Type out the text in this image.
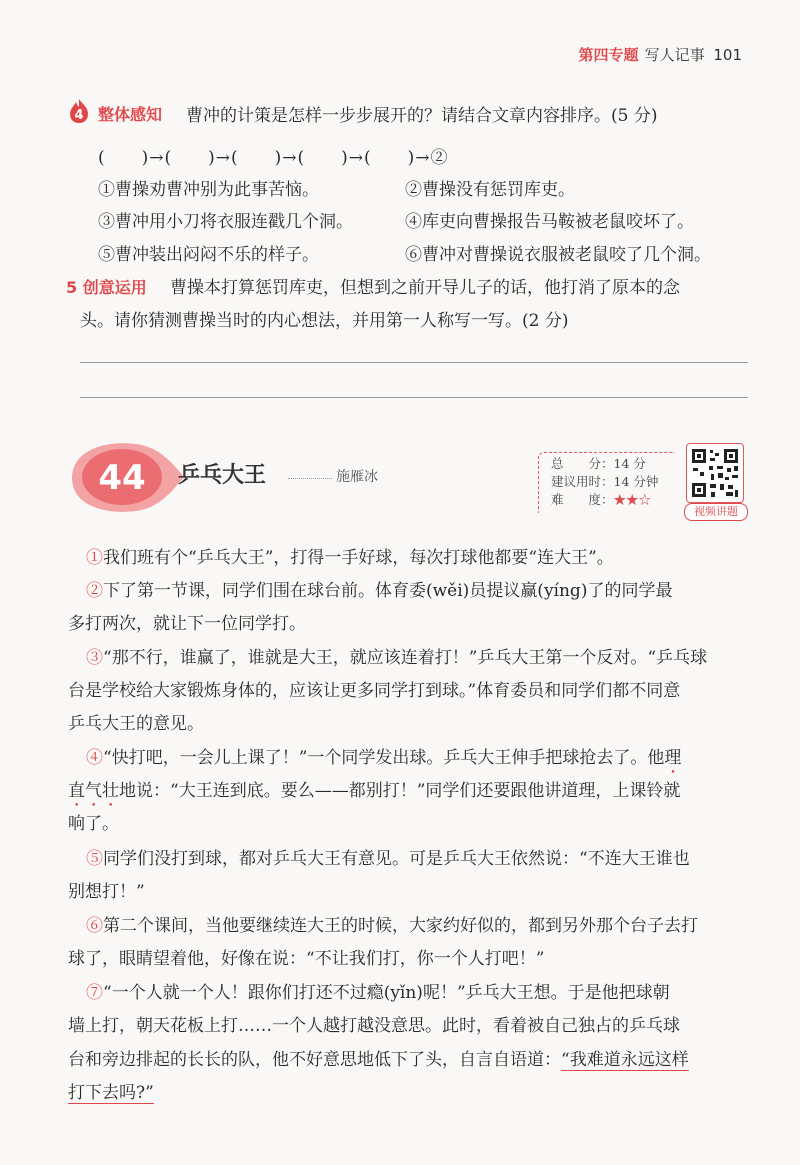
第四专题 写人记事 101
4 整体感知 曹冲的计策是怎样一步步展开的？请结合文章内容排序。(5 分)
(　　)→(　　)→(　　)→(　　)→(　　)→②
①曹操劝曹冲别为此事苦恼。	②曹操没有惩罚库吏。
③曹冲用小刀将衣服连戳几个洞。	④库吏向曹操报告马鞍被老鼠咬坏了。
⑤曹冲装出闷闷不乐的样子。	⑥曹冲对曹操说衣服被老鼠咬了几个洞。
5 创意运用 曹操本打算惩罚库吏，但想到之前开导儿子的话，他打消了原本的念
头。请你猜测曹操当时的内心想法，并用第一人称写一写。(2 分)
44 乒乓大王	施雁冰
总　　分：14 分
建议用时：14 分钟
难　　度：★★☆
视频讲题
①我们班有个“乒乓大王”，打得一手好球，每次打球他都要“连大王”。
②下了第一节课，同学们围在球台前。体育委(wěi)员提议赢(yíng)了的同学最
多打两次，就让下一位同学打。
③“那不行，谁赢了，谁就是大王，就应该连着打！”乒乓大王第一个反对。“乒乓球
台是学校给大家锻炼身体的，应该让更多同学打到球。”体育委员和同学们都不同意
乒乓大王的意见。
④“快打吧，一会儿上课了！”一个同学发出球。乒乓大王伸手把球抢去了。他理
直气壮地说：“大王连到底。要么——都别打！”同学们还要跟他讲道理，上课铃就
响了。
⑤同学们没打到球，都对乒乓大王有意见。可是乒乓大王依然说：“不连大王谁也
别想打！”
⑥第二个课间，当他要继续连大王的时候，大家约好似的，都到另外那个台子去打
球了，眼睛望着他，好像在说：“不让我们打，你一个人打吧！”
⑦“一个人就一个人！跟你们打还不过瘾(yǐn)呢！”乒乓大王想。于是他把球朝
墙上打，朝天花板上打……一个人越打越没意思。此时，看着被自己独占的乒乓球
台和旁边排起的长长的队，他不好意思地低下了头，自言自语道：“我难道永远这样
打下去吗?”
